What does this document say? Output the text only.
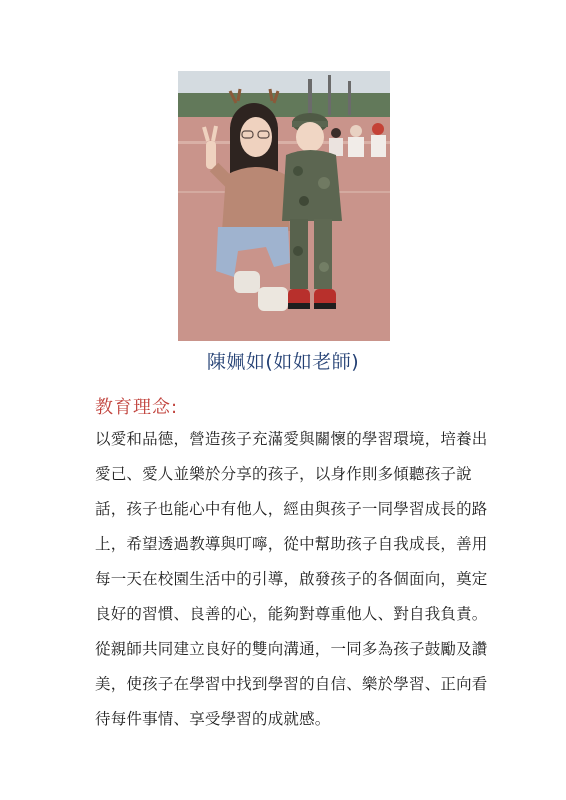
陳姵如(如如老師)
教育理念:
以愛和品德，營造孩子充滿愛與關懷的學習環境，培養出
愛己、愛人並樂於分享的孩子，以身作則多傾聽孩子說
話，孩子也能心中有他人，經由與孩子一同學習成長的路
上，希望透過教導與叮嚀，從中幫助孩子自我成長，善用
每一天在校園生活中的引導，啟發孩子的各個面向，奠定
良好的習慣、良善的心，能夠對尊重他人、對自我負責。
從親師共同建立良好的雙向溝通，一同多為孩子鼓勵及讚
美，使孩子在學習中找到學習的自信、樂於學習、正向看
待每件事情、享受學習的成就感。
